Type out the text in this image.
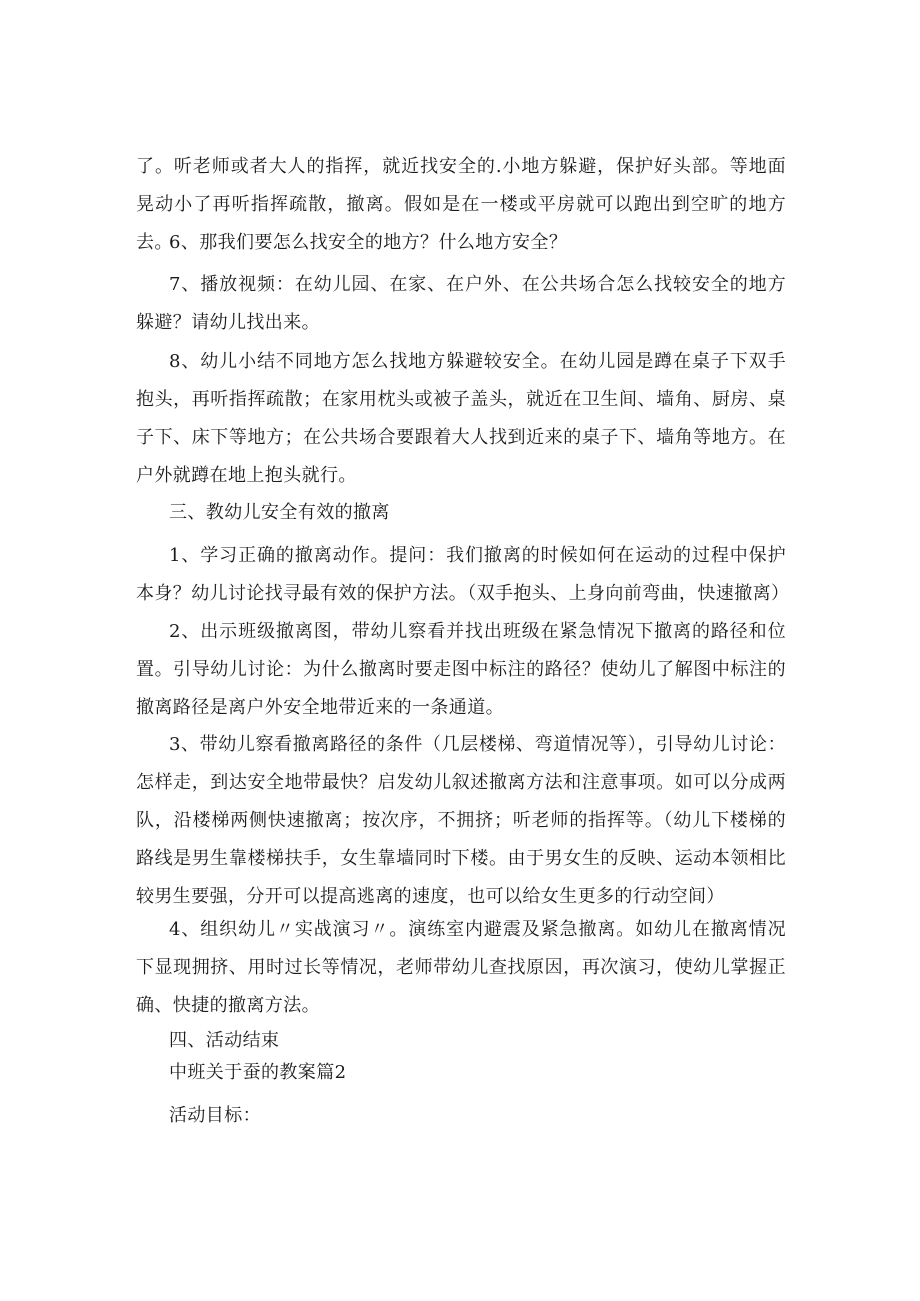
了。听老师或者大人的指挥，就近找安全的.小地方躲避，保护好头部。等地面晃动小了再听指挥疏散，撤离。假如是在一楼或平房就可以跑出到空旷的地方去。

6、那我们要怎么找安全的地方？什么地方安全？

7、播放视频：在幼儿园、在家、在户外、在公共场合怎么找较安全的地方躲避？请幼儿找出来。

8、幼儿小结不同地方怎么找地方躲避较安全。在幼儿园是蹲在桌子下双手抱头，再听指挥疏散；在家用枕头或被子盖头，就近在卫生间、墙角、厨房、桌子下、床下等地方；在公共场合要跟着大人找到近来的桌子下、墙角等地方。在户外就蹲在地上抱头就行。

三、教幼儿安全有效的撤离

1、学习正确的撤离动作。提问：我们撤离的时候如何在运动的过程中保护本身？幼儿讨论找寻最有效的保护方法。（双手抱头、上身向前弯曲，快速撤离）

2、出示班级撤离图，带幼儿察看并找出班级在紧急情况下撤离的路径和位置。引导幼儿讨论：为什么撤离时要走图中标注的路径？使幼儿了解图中标注的撤离路径是离户外安全地带近来的一条通道。

3、带幼儿察看撤离路径的条件（几层楼梯、弯道情况等），引导幼儿讨论：怎样走，到达安全地带最快？启发幼儿叙述撤离方法和注意事项。如可以分成两队，沿楼梯两侧快速撤离；按次序，不拥挤；听老师的指挥等。（幼儿下楼梯的路线是男生靠楼梯扶手，女生靠墙同时下楼。由于男女生的反映、运动本领相比较男生要强，分开可以提高逃离的速度，也可以给女生更多的行动空间）

4、组织幼儿〃实战演习〃。演练室内避震及紧急撤离。如幼儿在撤离情况下显现拥挤、用时过长等情况，老师带幼儿查找原因，再次演习，使幼儿掌握正确、快捷的撤离方法。

四、活动结束

中班关于蚕的教案篇2

活动目标：
